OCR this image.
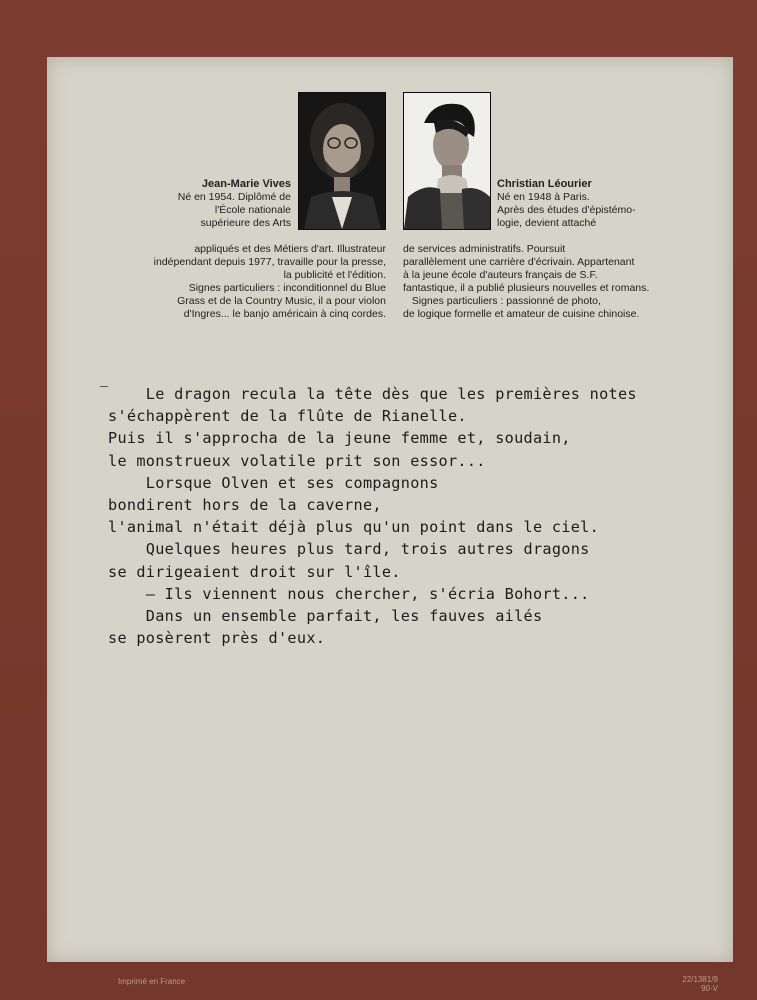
Jean-Marie Vives

Né en 1954. Diplômé de

l'École nationale

supérieure des Arts

appliqués et des Métiers d'art. Illustrateur

indépendant depuis 1977, travaille pour la presse,

la publicité et l'édition.

Signes particuliers : inconditionnel du Blue

Grass et de la Country Music, il a pour violon

d'Ingres... le banjo américain à cinq cordes.

Christian Léourier

Né en 1948 à Paris.

Après des études d'épistémo-

logie, devient attaché

de services administratifs. Poursuit

parallèlement une carrière d'écrivain. Appartenant

à la jeune école d'auteurs français de S.F.

fantastique, il a publié plusieurs nouvelles et romans.

Signes particuliers : passionné de photo,

de logique formelle et amateur de cuisine chinoise.

Le dragon recula la tête dès que les premières notes
s'échappèrent de la flûte de Rianelle.
Puis il s'approcha de la jeune femme et, soudain,
le monstrueux volatile prit son essor...
Lorsque Olven et ses compagnons
bondirent hors de la caverne,
l'animal n'était déjà plus qu'un point dans le ciel.
Quelques heures plus tard, trois autres dragons
se dirigeaient droit sur l'île.
— Ils viennent nous chercher, s'écria Bohort...
Dans un ensemble parfait, les fauves ailés
se posèrent près d'eux.
Imprimé en France	22/1381/9
90-V
